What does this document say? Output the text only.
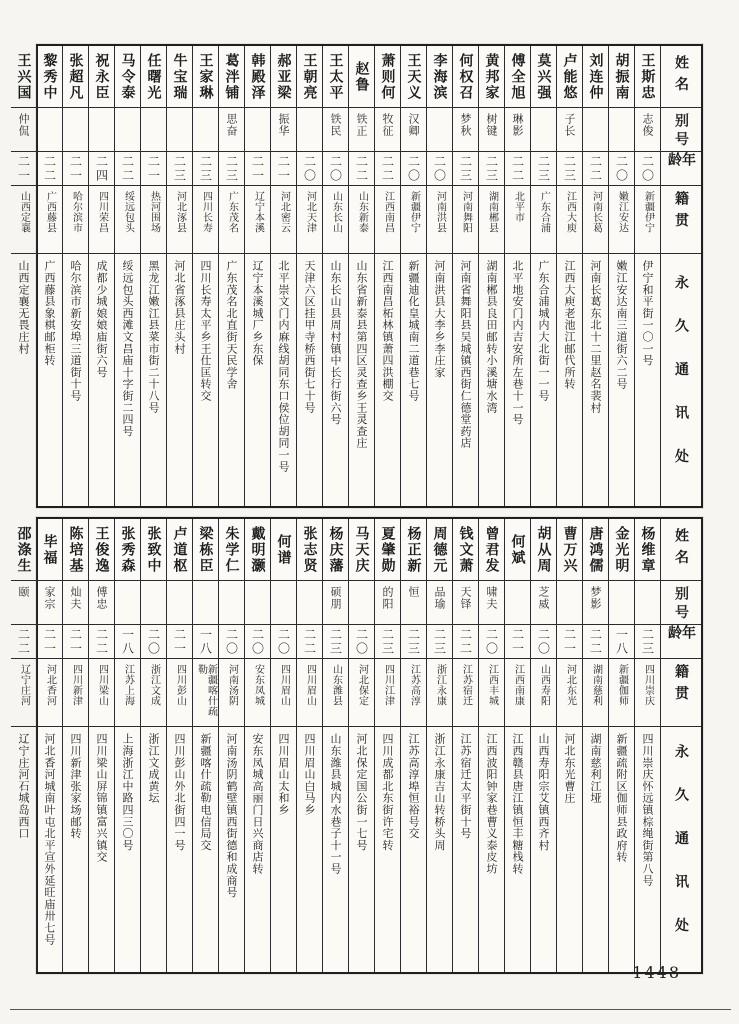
姓名
别号
年龄
籍贯
永久通讯处
王斯忠
志俊
二〇
新疆伊宁
伊宁和平街一〇一号
胡振南
二〇
嫩江安达
嫩江安达南三道街六二号
刘连仲
二二
河南长葛
河南长葛东北十二里赵名裴村
卢能悠
子长
二三
江西大庾
江西大庾老池江邮代所转
莫兴强
二三
广东合浦
广东合浦城内大北街一一号
傅全旭
琳影
二二
北平市
北平地安门内吉安所左巷十一号
黄邦家
树键
二三
湖南郴县
湖南郴县良田邮转小溪塘水湾
何权召
梦秋
二三
河南舞阳
河南省舞阳县吴城镇西街仁德堂药店
李海滨
二〇
河南洪县
河南洪县大李乡李庄家
王天义
汉卿
二〇
新疆伊宁
新疆迪化皇城南二道巷七号
萧则何
牧征
二二
江西南昌
江西南昌柘林镇萧四洪棚交
赵鲁
铁正
二二
山东新泰
山东省新泰县第四区灵查乡王灵查庄
王太平
铁民
二〇
山东长山
山东长山县周村镇中长行街六号
王朝亮
二〇
河北天津
天津六区挂甲寺桥西街七十号
郝亚梁
振华
二一
河北密云
北平崇文门内麻线胡同东口侯位胡同一号
韩殿泽
二一
辽宁本溪
辽宁本溪城厂乡东保
葛泮铺
思奋
二三
广东茂名
广东茂名北直街天民学舍
王家琳
二三
四川长寿
四川长寿太平乡王仕匡转交
牛宝瑞
二三
河北涿县
河北省涿县庄头村
任曙光
二一
热河围场
黑龙江嫩江县菜市街二十八号
马令泰
二二
绥远包头
绥远包头西滩文昌庙十字街二四号
祝永臣
二四
四川荣昌
成都少城娘娘庙街六号
张超凡
二一
哈尔滨市
哈尔滨市新安埠三道街十号
黎秀中
二二
广西藤县
广西藤县象棋邮柜转
王兴国
仲侃
二一
山西定襄
山西定襄无畏庄村
姓名
别号
年龄
籍贯
永久通讯处
杨维章
二三
四川崇庆
四川崇庆怀远镇棕绳街第八号
金光明
一八
新疆伽师
新疆疏附区伽师县政府转
唐鸿儒
梦影
二二
湖南慈利
湖南慈利江垭
曹万兴
二一
河北东光
河北东光曹庄
胡从周
芝威
二〇
山西寿阳
山西寿阳宗艾镇西齐村
何斌
二一
江西南康
江西赣县唐江镇恒丰糖栈转
曾君发
啸夫
二〇
江西丰城
江西波阳钟家巷曹义泰皮坊
钱文萧
天铎
二二
江苏宿迁
江苏宿迁太平街十号
周德元
品瑜
二三
浙江永康
浙江永康吉山转桥头周
杨正新
恒
二三
江苏高淳
江苏高淳埠恒裕号交
夏肇勋
的阳
二三
四川江津
四川成都北东街许宅转
马天庆
二〇
河北保定
河北保定国公街一七号
杨庆藩
硕朋
二三
山东潍县
山东潍县城内水巷子十一号
张志贤
二二
四川眉山
四川眉山白马乡
何谱
二〇
四川眉山
四川眉山太和乡
戴明灏
二〇
安东凤城
安东凤城高丽门日兴商店转
朱学仁
二〇
河南汤阴
河南汤阴鹤壁镇西街德和成商号
梁栋臣
一八
新疆喀什疏勒
新疆喀什疏勒电信局交
卢道枢
二一
四川彭山
四川彭山外北街四一号
张致中
二〇
浙江文成
浙江文成黄坛
张秀森
一八
江苏上海
上海浙江中路四三〇号
王俊逸
傅忠
二二
四川梁山
四川梁山屏锦镇富兴镇交
陈培基
灿夫
二一
四川新津
四川新津张家场邮转
毕福
家宗
二一
河北香河
河北香河城南叶屯北平宣外延旺庙卅七号
邵涤生
颐
二二
辽宁庄河
辽宁庄河石城岛西口
1448
